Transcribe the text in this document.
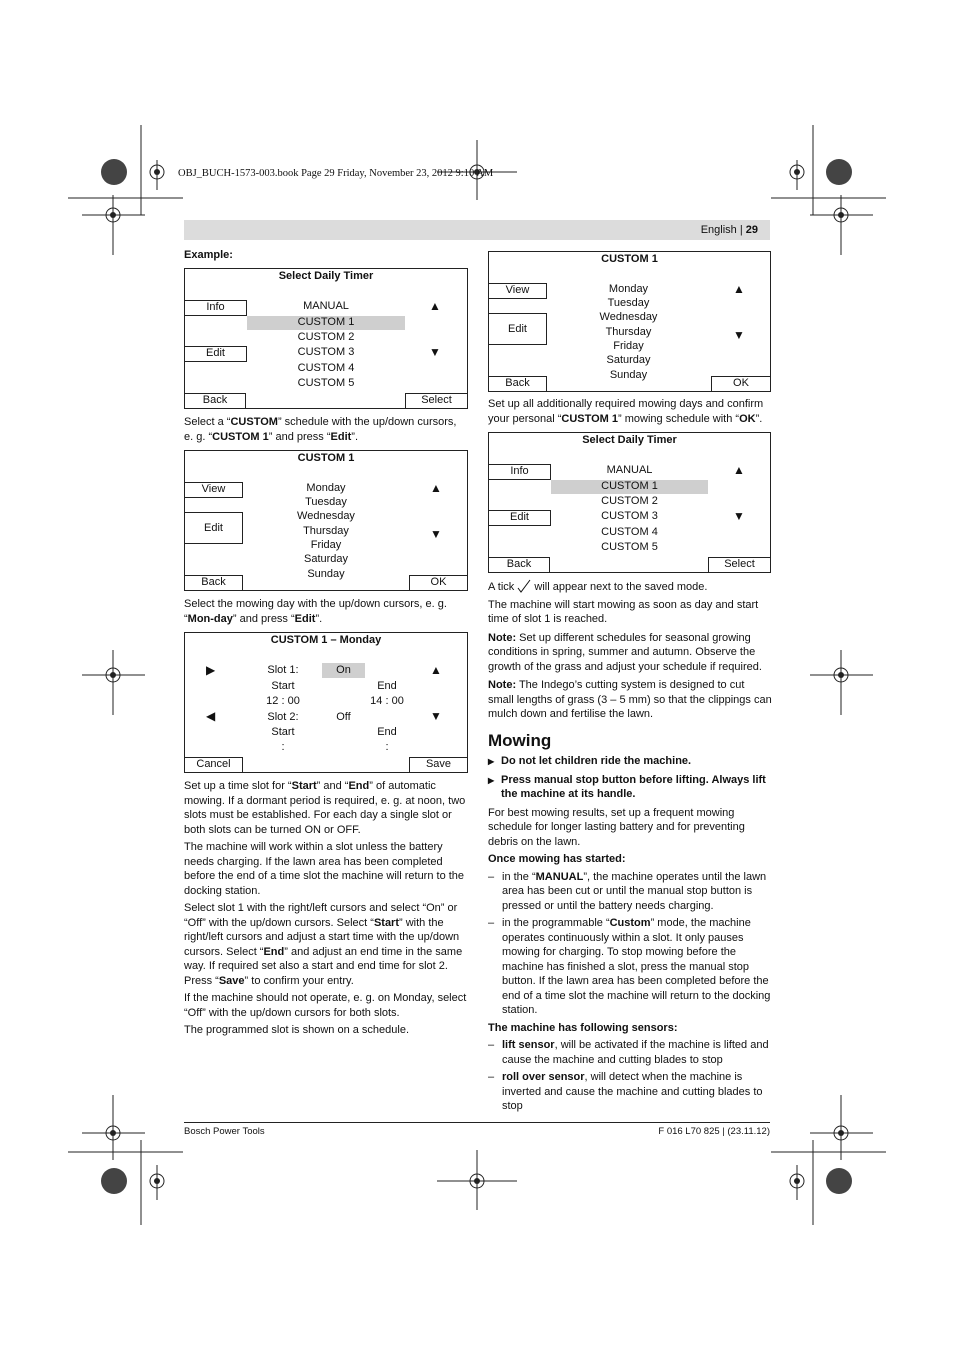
OBJ_BUCH-1573-003.book Page 29 Friday, November 23, 2012 9:10 AM
English | 29
Example:
Select Daily Timer
Info
Edit
MANUAL
CUSTOM 1
CUSTOM 2
CUSTOM 3
CUSTOM 4
CUSTOM 5
▲
▼
Back	Select
Select a “CUSTOM” schedule with the up/down cursors, e. g. “CUSTOM 1” and press “Edit”.
CUSTOM 1
View
Edit
Monday
Tuesday
Wednesday
Thursday
Friday
Saturday
Sunday
▲
▼
Back	OK
Select the mowing day with the up/down cursors, e. g. “Mon-day” and press “Edit”.
CUSTOM 1 – Monday
▶
◀
▲
▼
Slot 1:	On
Start	End
12 : 00	14 : 00
Slot 2:	Off
Start	End
:	:
Cancel	Save

Set up a time slot for “Start” and “End” of automatic mowing. If a dormant period is required, e. g. at noon, two slots must be established. For each day a single slot or both slots can be turned ON or OFF.

The machine will work within a slot unless the battery needs charging. If the lawn area has been completed before the end of a time slot the machine will return to the docking station.

Select slot 1 with the right/left cursors and select “On” or “Off” with the up/down cursors. Select “Start” with the right/left cursors and adjust a start time with the up/down cursors. Select “End” and adjust an end time in the same way. If required set also a start and end time for slot 2. Press “Save” to confirm your entry.

If the machine should not operate, e. g. on Monday, select “Off” with the up/down cursors for both slots.

The programmed slot is shown on a schedule.

CUSTOM 1
View
Edit
Monday
Tuesday
Wednesday
Thursday
Friday
Saturday
Sunday
▲
▼
Back	OK
Set up all additionally required mowing days and confirm your personal “CUSTOM 1” mowing schedule with “OK”.
Select Daily Timer
Info
Edit
MANUAL
CUSTOM 1
CUSTOM 2
CUSTOM 3
CUSTOM 4
CUSTOM 5
▲
▼
Back	Select

A tick will appear next to the saved mode.

The machine will start mowing as soon as day and start time of slot 1 is reached.

Note: Set up different schedules for seasonal growing conditions in spring, summer and autumn. Observe the growth of the grass and adjust your schedule if required.

Note: The Indego’s cutting system is designed to cut small lengths of grass (3 – 5 mm) so that the clippings can mulch down and fertilise the lawn.

Mowing

▶ Do not let children ride the machine.

▶ Press manual stop button before lifting. Always lift the machine at its handle.

For best mowing results, set up a frequent mowing schedule for longer lasting battery and for preventing debris on the lawn.

Once mowing has started:

– in the “MANUAL”, the machine operates until the lawn area has been cut or until the manual stop button is pressed or until the battery needs charging.

– in the programmable “Custom” mode, the machine operates continuously within a slot. It only pauses mowing for charging. To stop mowing before the machine has finished a slot, press the manual stop button. If the lawn area has been completed before the end of a time slot the machine will return to the docking station.

The machine has following sensors:

– lift sensor, will be activated if the machine is lifted and cause the machine and cutting blades to stop

– roll over sensor, will detect when the machine is inverted and cause the machine and cutting blades to stop

Bosch Power Tools	F 016 L70 825 | (23.11.12)
